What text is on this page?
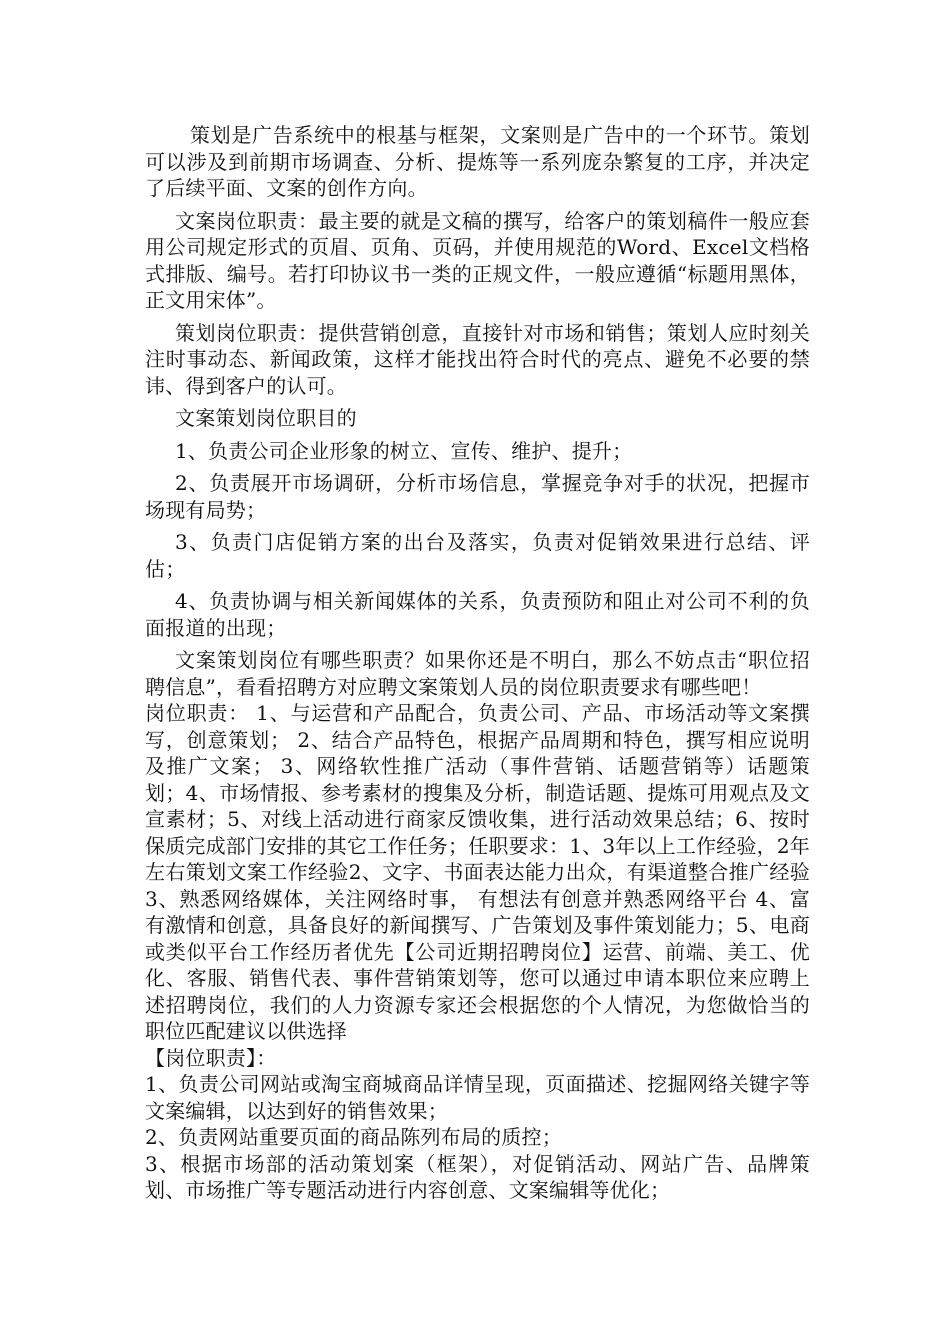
策划是广告系统中的根基与框架，文案则是广告中的一个环节。策划可以涉及到前期市场调查、分析、提炼等一系列庞杂繁复的工序，并决定了后续平面、文案的创作方向。

文案岗位职责：最主要的就是文稿的撰写，给客户的策划稿件一般应套用公司规定形式的页眉、页角、页码，并使用规范的Word、Excel文档格式排版、编号。若打印协议书一类的正规文件，一般应遵循“标题用黑体，正文用宋体”。

策划岗位职责：提供营销创意，直接针对市场和销售；策划人应时刻关注时事动态、新闻政策，这样才能找出符合时代的亮点、避免不必要的禁讳、得到客户的认可。

文案策划岗位职目的

1、负责公司企业形象的树立、宣传、维护、提升；

2、负责展开市场调研，分析市场信息，掌握竞争对手的状况，把握市场现有局势；

3、负责门店促销方案的出台及落实，负责对促销效果进行总结、评估；

4、负责协调与相关新闻媒体的关系，负责预防和阻止对公司不利的负面报道的出现；

文案策划岗位有哪些职责？如果你还是不明白，那么不妨点击“职位招聘信息”，看看招聘方对应聘文案策划人员的岗位职责要求有哪些吧！

岗位职责： 1、与运营和产品配合，负责公司、产品、市场活动等文案撰写，创意策划； 2、结合产品特色，根据产品周期和特色，撰写相应说明及推广文案； 3、网络软性推广活动（事件营销、话题营销等）话题策划；4、市场情报、参考素材的搜集及分析，制造话题、提炼可用观点及文宣素材；5、对线上活动进行商家反馈收集，进行活动效果总结；6、按时保质完成部门安排的其它工作任务；任职要求：1、3年以上工作经验，2年左右策划文案工作经验2、文字、书面表达能力出众，有渠道整合推广经验3、熟悉网络媒体，关注网络时事， 有想法有创意并熟悉网络平台 4、富有激情和创意，具备良好的新闻撰写、广告策划及事件策划能力；5、电商或类似平台工作经历者优先【公司近期招聘岗位】运营、前端、美工、优化、客服、销售代表、事件营销策划等，您可以通过申请本职位来应聘上述招聘岗位，我们的人力资源专家还会根据您的个人情况，为您做恰当的职位匹配建议以供选择

【岗位职责】：

1、负责公司网站或淘宝商城商品详情呈现，页面描述、挖掘网络关键字等文案编辑，以达到好的销售效果；

2、负责网站重要页面的商品陈列布局的质控；

3、根据市场部的活动策划案（框架），对促销活动、网站广告、品牌策划、市场推广等专题活动进行内容创意、文案编辑等优化；
